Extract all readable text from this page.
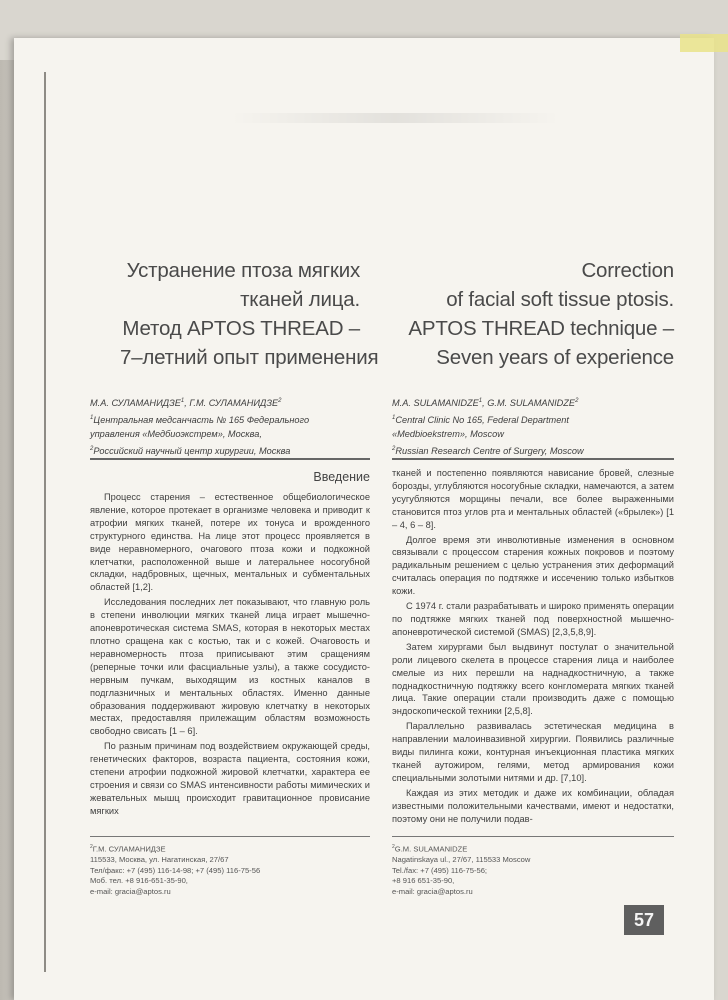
Устранение птоза мягких
тканей лица.
Метод APTOS THREAD –
7–летний опыт применения
Correction
of facial soft tissue ptosis.
APTOS THREAD technique –
Seven years of experience
М.А. СУЛАМАНИДЗЕ$^1$, Г.М. СУЛАМАНИДЗЕ$^2$
$^1$Центральная медсанчасть № 165 Федерального
управления «Медбиоэкстрем», Москва,
$^2$Российский научный центр хирургии, Москва
M.A. SULAMANIDZE$^1$, G.M. SULAMANIDZE$^2$
$^1$Central Clinic No 165, Federal Department
«Medbioekstrem», Moscow
$^2$Russian Research Centre of Surgery, Moscow
Введение

Процесс старения – естественное общебиологическое явление, которое протекает в организме человека и приводит к атрофии мягких тканей, потере их тонуса и врожденного структурного единства. На лице этот процесс проявляется в виде неравномерного, очагового птоза кожи и подкожной клетчатки, расположенной выше и латеральнее носогубной складки, надбровных, щечных, ментальных и субментальных областей [1,2].

Исследования последних лет показывают, что главную роль в степени инволюции мягких тканей лица играет мышечно-апоневротическая система SMAS, которая в некоторых местах плотно сращена как с костью, так и с кожей. Очаговость и неравномерность птоза приписывают этим сращениям (реперные точки или фасциальные узлы), а также сосудисто-нервным пучкам, выходящим из костных каналов в подглазничных и ментальных областях. Именно данные образования поддерживают жировую клетчатку в некоторых местах, предоставляя прилежащим областям возможность свободно свисать [1 – 6].

По разным причинам под воздействием окружающей среды, генетических факторов, возраста пациента, состояния кожи, степени атрофии подкожной жировой клетчатки, характера ее строения и связи со SMAS интенсивности работы мимических и жевательных мышц происходит гравитационное провисание мягких

тканей и постепенно появляются нависание бровей, слезные борозды, углубляются носогубные складки, намечаются, а затем усугубляются морщины печали, все более выраженными становится птоз углов рта и ментальных областей («брылек») [1 – 4, 6 – 8].

Долгое время эти инволютивные изменения в основном связывали с процессом старения кожных покровов и поэтому радикальным решением с целью устранения этих деформаций считалась операция по подтяжке и иссечению только избытков кожи.

С 1974 г. стали разрабатывать и широко применять операции по подтяжке мягких тканей под поверхностной мышечно-апоневротической системой (SMAS) [2,3,5,8,9].

Затем хирургами был выдвинут постулат о значительной роли лицевого скелета в процессе старения лица и наиболее смелые из них перешли на наднадкостничную, а также поднадкостничную подтяжку всего конгломерата мягких тканей лица. Такие операции стали производить даже с помощью эндоскопической техники [2,5,8].

Параллельно развивалась эстетическая медицина в направлении малоинвазивной хирургии. Появились различные виды пилинга кожи, контурная инъекционная пластика мягких тканей аутожиром, гелями, метод армирования кожи специальными золотыми нитями и др. [7,10].

Каждая из этих методик и даже их комбинации, обладая известными положительными качествами, имеют и недостатки, поэтому они не получили подав-

$^2$Г.М. СУЛАМАНИДЗЕ
115533, Москва, ул. Нагатинская, 27/67
Тел/факс: +7 (495) 116-14-98; +7 (495) 116-75-56
Моб. тел. +8 916-651-35-90,
e-mail: gracia@aptos.ru
$^2$G.M. SULAMANIDZE
Nagatinskaya ul., 27/67, 115533 Moscow
Tel./fax: +7 (495) 116-75-56;
+8 916 651-35-90,
e-mail: gracia@aptos.ru
57
